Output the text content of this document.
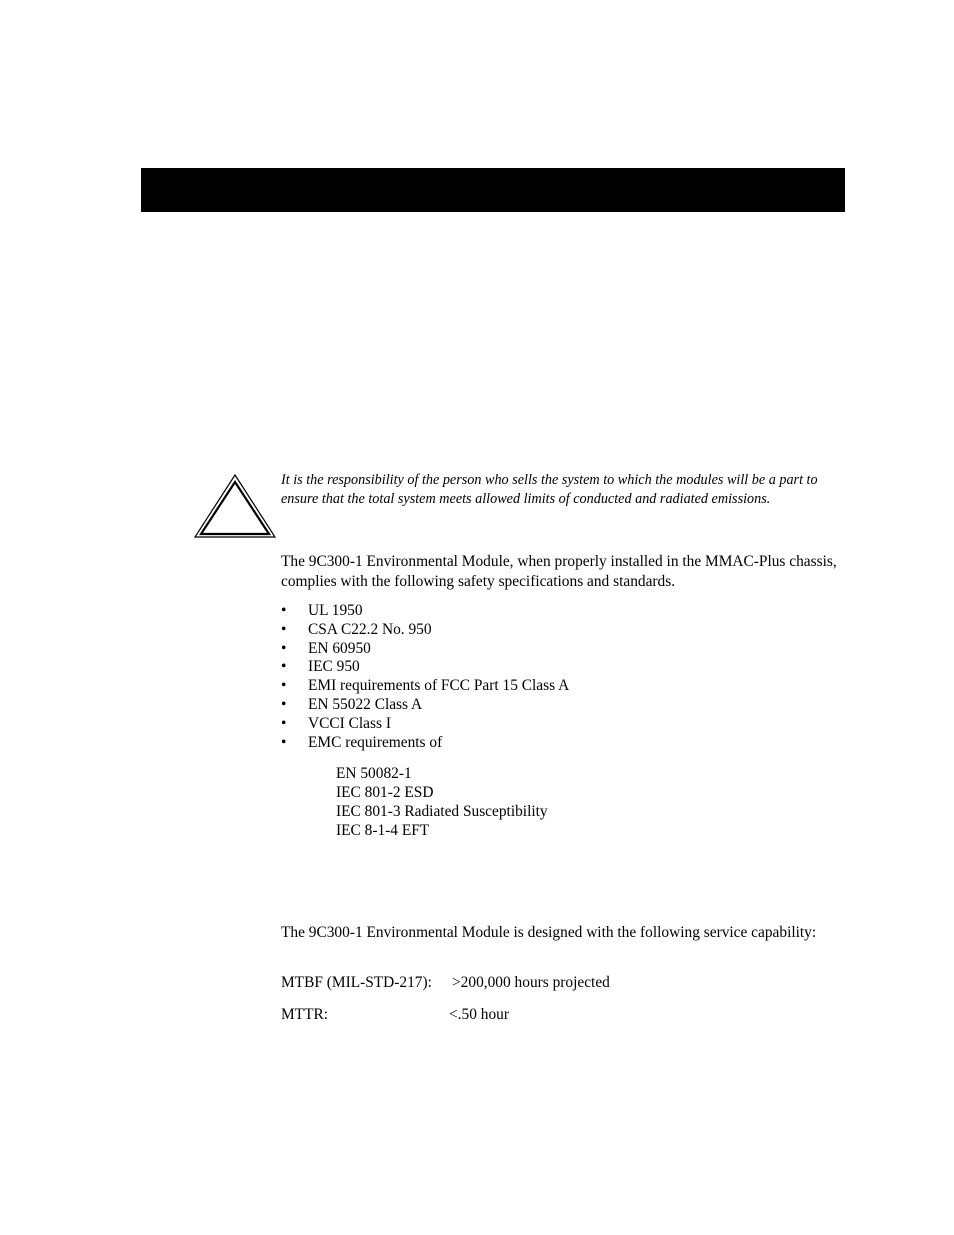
It is the responsibility of the person who sells the system to which the modules will be a part to ensure that the total system meets allowed limits of conducted and radiated emissions.
The 9C300-1 Environmental Module, when properly installed in the MMAC-Plus chassis, complies with the following safety specifications and standards.
• UL 1950
• CSA C22.2 No. 950
• EN 60950
• IEC 950
• EMI requirements of FCC Part 15 Class A
• EN 55022 Class A
• VCCI Class I
• EMC requirements of
EN 50082-1
IEC 801-2 ESD
IEC 801-3 Radiated Susceptibility
IEC 8-1-4 EFT
The 9C300-1 Environmental Module is designed with the following service capability:
MTBF (MIL-STD-217): >200,000 hours projected
MTTR:	<.50 hour
